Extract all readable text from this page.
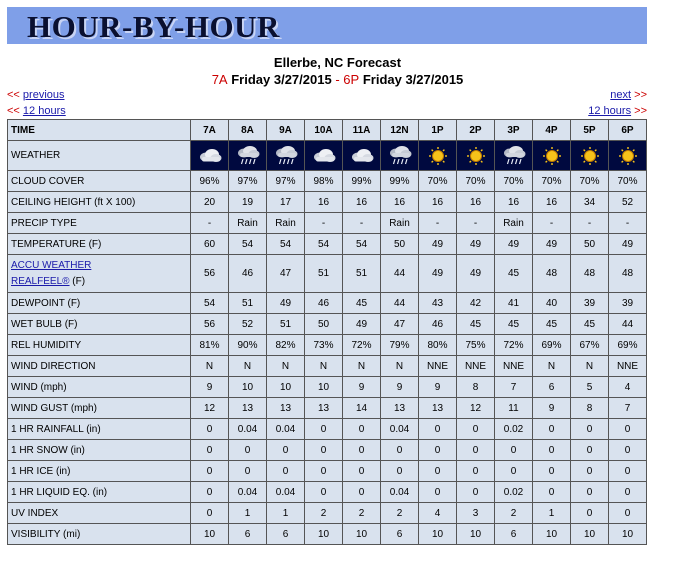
HOUR-BY-HOUR
Ellerbe, NC Forecast
7A Friday 3/27/2015 - 6P Friday 3/27/2015
<< previous	next >>
<< 12 hours	12 hours >>
TIME	7A	8A	9A	10A	11A	12N	1P	2P	3P	4P	5P	6P
WEATHER	

CLOUD COVER	96%	97%	97%	98%	99%	99%	70%	70%	70%	70%	70%	70%
CEILING HEIGHT (ft X 100)	20	19	17	16	16	16	16	16	16	16	34	52
PRECIP TYPE	-	Rain	Rain	-	-	Rain	-	-	Rain	-	-	-
TEMPERATURE (F)	60	54	54	54	54	50	49	49	49	49	50	49
ACCU WEATHER
REALFEEL® (F)	56	46	47	51	51	44	49	49	45	48	48	48
DEWPOINT (F)	54	51	49	46	45	44	43	42	41	40	39	39
WET BULB (F)	56	52	51	50	49	47	46	45	45	45	45	44
REL HUMIDITY	81%	90%	82%	73%	72%	79%	80%	75%	72%	69%	67%	69%
WIND DIRECTION	N	N	N	N	N	N	NNE	NNE	NNE	N	N	NNE
WIND (mph)	9	10	10	10	9	9	9	8	7	6	5	4
WIND GUST (mph)	12	13	13	13	14	13	13	12	11	9	8	7
1 HR RAINFALL (in)	0	0.04	0.04	0	0	0.04	0	0	0.02	0	0	0
1 HR SNOW (in)	0	0	0	0	0	0	0	0	0	0	0	0
1 HR ICE (in)	0	0	0	0	0	0	0	0	0	0	0	0
1 HR LIQUID EQ. (in)	0	0.04	0.04	0	0	0.04	0	0	0.02	0	0	0
UV INDEX	0	1	1	2	2	2	4	3	2	1	0	0
VISIBILITY (mi)	10	6	6	10	10	6	10	10	6	10	10	10
